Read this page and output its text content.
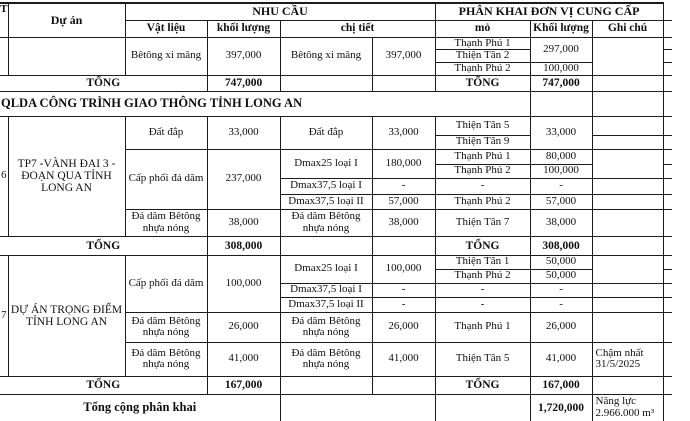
T	Dự án	NHU CẦU				PHÂN KHAI ĐƠN VỊ CUNG CẤP			
		Vật liệu	khối lượng	chị tiết		mỏ	Khối lượng	Ghi chú	
		Bêtông xi măng	397,000	Bêtông xi măng	397,000	Thạnh Phú 1	297,000		
						Thiện Tân 2			
						Thạnh Phú 2	100,000		
TỔNG			747,000			TỔNG	747,000		
QLDA CÔNG TRÌNH GIAO THÔNG TỈNH LONG AN									
6	TP7 -VÀNH ĐAI 3 - ĐOẠN QUA TỈNH LONG AN	Đất đắp	33,000	Đất đắp	33,000	Thiện Tân 5	33,000		
						Thiện Tân 9			
		Cấp phối đá dăm	237,000	Dmax25 loại I	180,000	Thạnh Phú 1	80,000		
						Thạnh Phú 2	100,000		
				Dmax37,5 loại I	-	-	-		
				Dmax37,5 loại II	57,000	Thạnh Phú 2	57,000		
		Đá dăm Bêtông nhựa nóng	38,000	Đá dăm Bêtông nhựa nóng	38,000	Thiện Tân 7	38,000		
TỔNG			308,000			TỔNG	308,000		
7	DỰ ÁN TRỌNG ĐIỂM TỈNH LONG AN	Cấp phối đá dăm	100,000	Dmax25 loại I	100,000	Thiện Tân 1	50,000		
						Thạnh Phú 2	50,000		
				Dmax37,5 loại I	-	-	-		
				Dmax37,5 loại II	-	-	-		
		Đá dăm Bêtông nhựa nóng	26,000	Đá dăm Bêtông nhựa nóng	26,000	Thạnh Phú 1	26,000		
		Đá dăm Bêtông nhựa nóng	41,000	Đá dăm Bêtông nhựa nóng	41,000	Thiện Tân 5	41,000	Chậm nhất 31/5/2025	
TỔNG			167,000			TỔNG	167,000		
Tổng cộng phân khai							1,720,000	Năng lực 2.966.000 m³	
